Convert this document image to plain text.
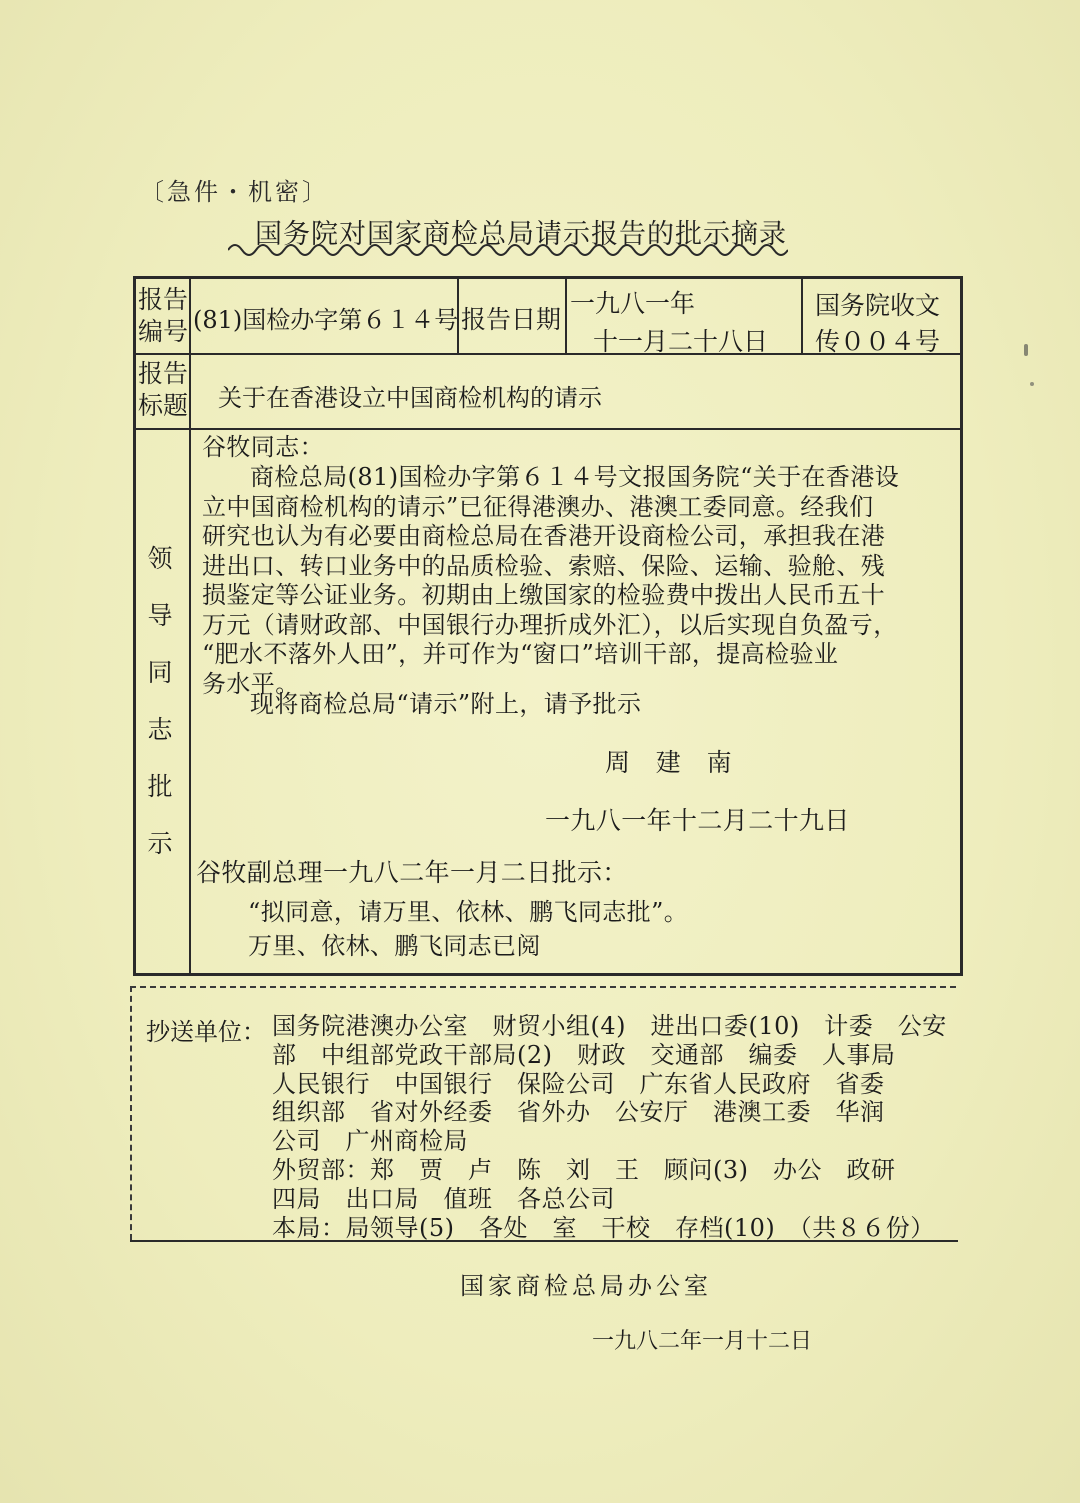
〔急件・机密〕
国务院对国家商检总局请示报告的批示摘录
报告编号 (81)国检办字第６１４号 报告日期
一九八一年
十一月二十八日
国务院收文
传００４号
报告标题 关于在香港设立中国商检机构的请示
领
导
同
志
批
示
谷牧同志：
商检总局(81)国检办字第６１４号文报国务院“关于在香港设
立中国商检机构的请示”已征得港澳办、港澳工委同意。经我们
研究也认为有必要由商检总局在香港开设商检公司，承担我在港
进出口、转口业务中的品质检验、索赔、保险、运输、验舱、残
损鉴定等公证业务。初期由上缴国家的检验费中拨出人民币五十
万元（请财政部、中国银行办理折成外汇），以后实现自负盈亏，
“肥水不落外人田”，并可作为“窗口”培训干部，提高检验业
务水平。
现将商检总局“请示”附上，请予批示
周　建　南
一九八一年十二月二十九日
谷牧副总理一九八二年一月二日批示：
“拟同意，请万里、依林、鹏飞同志批”。
万里、依林、鹏飞同志已阅
抄送单位： 国务院港澳办公室　财贸小组(4)　进出口委(10)　计委　公安
部　中组部党政干部局(2)　财政　交通部　编委　人事局
人民银行　中国银行　保险公司　广东省人民政府　省委
组织部　省对外经委　省外办　公安厅　港澳工委　华润
公司　广州商检局
外贸部：郑　贾　卢　陈　刘　王　顾问(3)　办公　政研
四局　出口局　值班　各总公司
本局：局领导(5)　各处　室　干校　存档(10)　（共８６份）
国家商检总局办公室
一九八二年一月十二日
